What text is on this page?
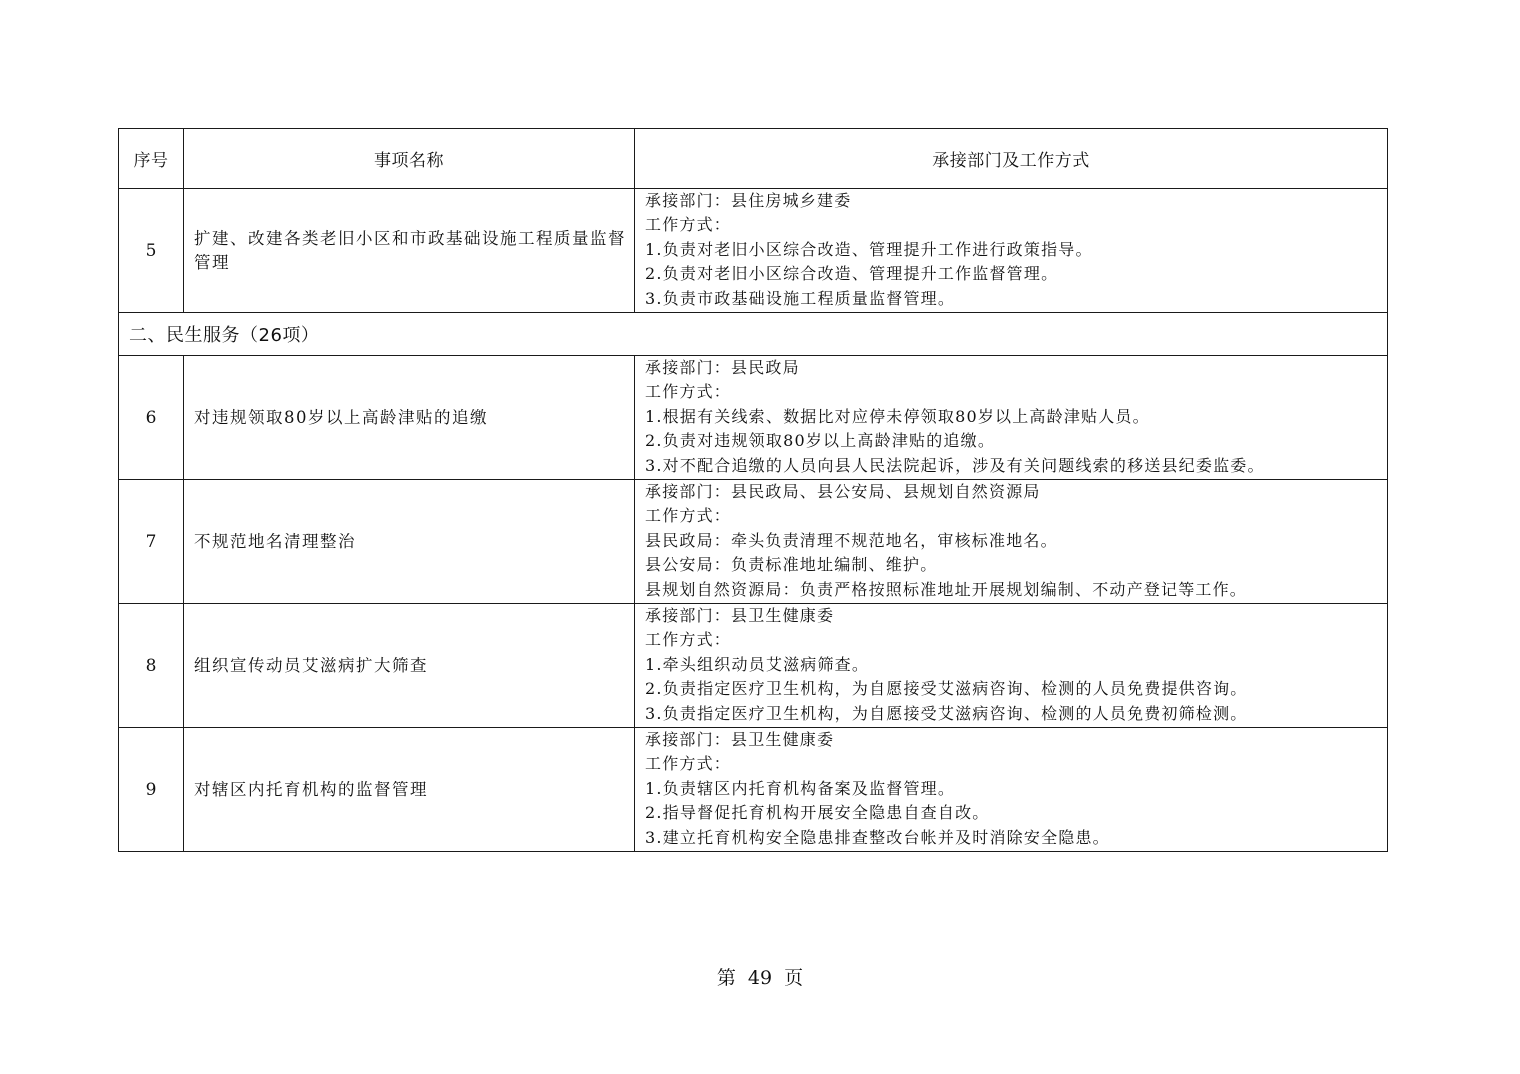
序号	事项名称	承接部门及工作方式
5	扩建、改建各类老旧小区和市政基础设施工程质量监督管理	承接部门：县住房城乡建委
工作方式：
1.负责对老旧小区综合改造、管理提升工作进行政策指导。
2.负责对老旧小区综合改造、管理提升工作监督管理。
3.负责市政基础设施工程质量监督管理。

二、民生服务（26项）		
6	对违规领取80岁以上高龄津贴的追缴	承接部门：县民政局
工作方式：
1.根据有关线索、数据比对应停未停领取80岁以上高龄津贴人员。
2.负责对违规领取80岁以上高龄津贴的追缴。
3.对不配合追缴的人员向县人民法院起诉，涉及有关问题线索的移送县纪委监委。

7	不规范地名清理整治	承接部门：县民政局、县公安局、县规划自然资源局
工作方式：
县民政局：牵头负责清理不规范地名，审核标准地名。
县公安局：负责标准地址编制、维护。
县规划自然资源局：负责严格按照标准地址开展规划编制、不动产登记等工作。

8	组织宣传动员艾滋病扩大筛查	承接部门：县卫生健康委
工作方式：
1.牵头组织动员艾滋病筛查。
2.负责指定医疗卫生机构，为自愿接受艾滋病咨询、检测的人员免费提供咨询。
3.负责指定医疗卫生机构，为自愿接受艾滋病咨询、检测的人员免费初筛检测。

9	对辖区内托育机构的监督管理	承接部门：县卫生健康委
工作方式：
1.负责辖区内托育机构备案及监督管理。
2.指导督促托育机构开展安全隐患自查自改。
3.建立托育机构安全隐患排查整改台帐并及时消除安全隐患。
第 49 页
